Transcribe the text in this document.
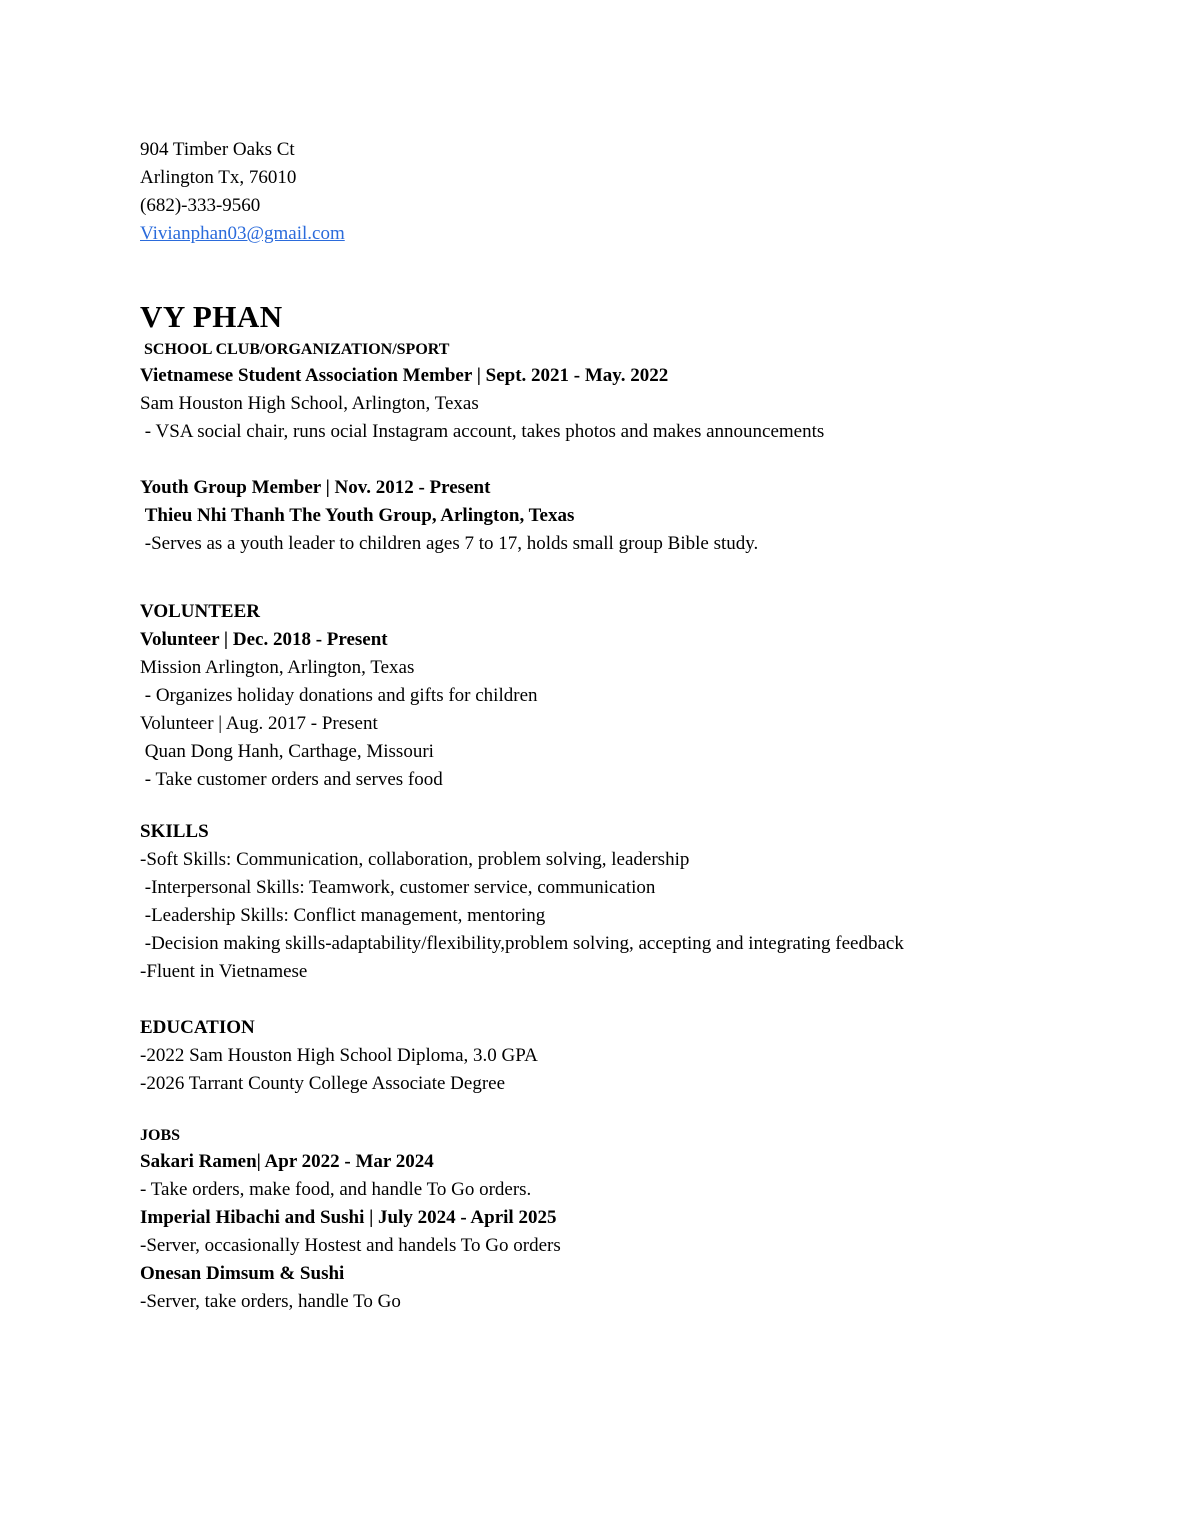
904 Timber Oaks Ct
Arlington Tx, 76010
(682)-333-9560
Vivianphan03@gmail.com
VY PHAN
SCHOOL CLUB/ORGANIZATION/SPORT
Vietnamese Student Association Member | Sept. 2021 - May. 2022
Sam Houston High School, Arlington, Texas
- VSA social chair, runs ocial Instagram account, takes photos and makes announcements
Youth Group Member | Nov. 2012 - Present
Thieu Nhi Thanh The Youth Group, Arlington, Texas
-Serves as a youth leader to children ages 7 to 17, holds small group Bible study.
VOLUNTEER
Volunteer | Dec. 2018 - Present
Mission Arlington, Arlington, Texas
- Organizes holiday donations and gifts for children
Volunteer | Aug. 2017 - Present
Quan Dong Hanh, Carthage, Missouri
- Take customer orders and serves food
SKILLS
-Soft Skills: Communication, collaboration, problem solving, leadership
-Interpersonal Skills: Teamwork, customer service, communication
-Leadership Skills: Conflict management, mentoring
-Decision making skills-adaptability/flexibility,problem solving, accepting and integrating feedback
-Fluent in Vietnamese
EDUCATION
-2022 Sam Houston High School Diploma, 3.0 GPA
-2026 Tarrant County College Associate Degree
JOBS
Sakari Ramen| Apr 2022 - Mar 2024
- Take orders, make food, and handle To Go orders.
Imperial Hibachi and Sushi | July 2024 - April 2025
-Server, occasionally Hostest and handels To Go orders
Onesan Dimsum & Sushi
-Server, take orders, handle To Go
